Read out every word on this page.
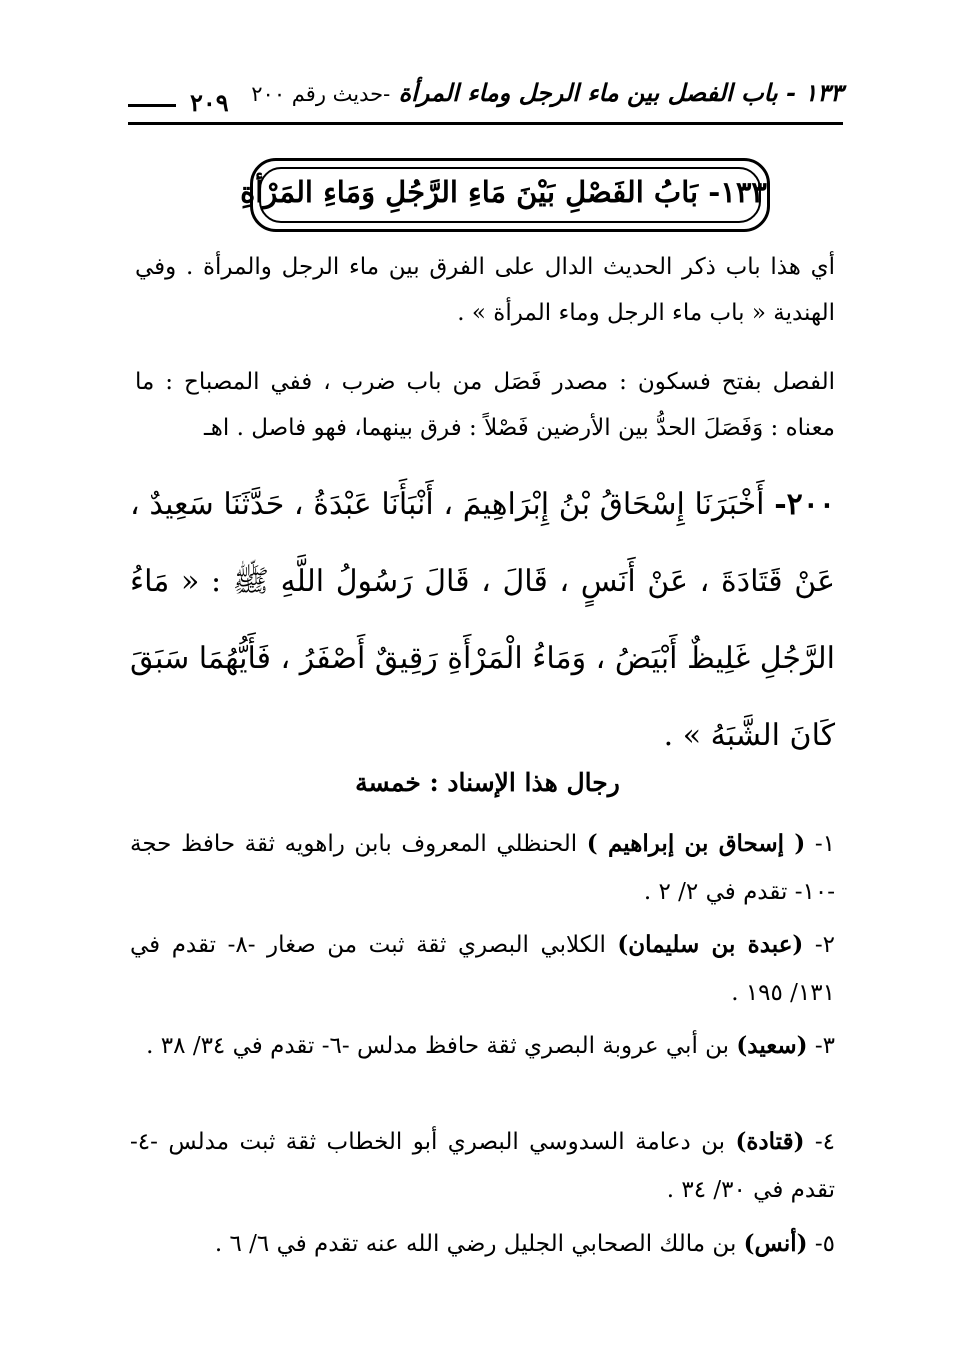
١٣٣ - باب الفصل بين ماء الرجل وماء المرأة -حديث رقم ٢٠٠
٢٠٩
١٣٣- بَابُ الفَصْلِ بَيْنَ مَاءِ الرَّجُلِ وَمَاءِ المَرْأةِ

أي هذا باب ذكر الحديث الدال على الفرق بين ماء الرجل والمرأة . وفي الهندية « باب ماء الرجل وماء المرأة » .

الفصل بفتح فسكون : مصدر فَصَل من باب ضرب ، ففي المصباح : ما معناه : وَفَصَلَ الحدُّ بين الأرضين فَصْلاً : فرق بينهما، فهو فاصل . اهـ

٢٠٠- أَخْبَرَنَا إِسْحَاقُ بْنُ إِبْرَاهِيمَ ، أَنْبَأَنَا عَبْدَةُ ، حَدَّثَنَا سَعِيدٌ ، عَنْ قَتَادَةَ ، عَنْ أَنَسٍ ، قَالَ ، قَالَ رَسُولُ اللَّهِ ﷺ : « مَاءُ الرَّجُلِ غَلِيظٌ أَبْيَضُ ، وَمَاءُ الْمَرْأَةِ رَقِيقٌ أَصْفَرُ ، فَأَيُّهُمَا سَبَقَ كَانَ الشَّبَهُ » .

رجال هذا الإسناد : خمسة

١- ( إسحاق بن إبراهيم ) الحنظلي المعروف بابن راهويه ثقة حافظ حجة -١٠- تقدم في ٢/ ٢ .

٢- (عبدة بن سليمان) الكلابي البصري ثقة ثبت من صغار -٨- تقدم في ١٣١/ ١٩٥ .

٣- (سعيد) بن أبي عروبة البصري ثقة حافظ مدلس -٦- تقدم في ٣٤/ ٣٨ .

٤- (قتادة) بن دعامة السدوسي البصري أبو الخطاب ثقة ثبت مدلس -٤- تقدم في ٣٠/ ٣٤ .

٥- (أنس) بن مالك الصحابي الجليل رضي الله عنه تقدم في ٦/ ٦ .
